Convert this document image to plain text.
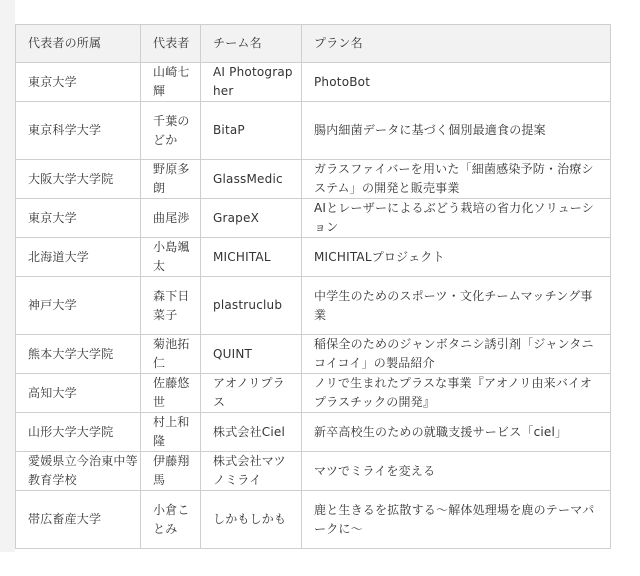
代表者の所属	代表者	チーム名	プラン名
東京大学	山崎七輝	AI Photographer	PhotoBot
東京科学大学	千葉のどか	BitaP	腸内細菌データに基づく個別最適食の提案
大阪大学大学院	野原多朗	GlassMedic	ガラスファイバーを用いた「細菌感染予防・治療システム」の開発と販売事業
東京大学	曲尾渉	GrapeX	AIとレーザーによるぶどう栽培の省力化ソリューション
北海道大学	小島颯太	MICHITAL	MICHITALプロジェクト
神戸大学	森下日菜子	plastruclub	中学生のためのスポーツ・文化チームマッチング事業
熊本大学大学院	菊池拓仁	QUINT	稲保全のためのジャンボタニシ誘引剤「ジャンタニコイコイ」の製品紹介
高知大学	佐藤悠世	アオノリプラス	ノリで生まれたプラスな事業『アオノリ由来バイオプラスチックの開発』
山形大学大学院	村上和隆	株式会社Ciel	新卒高校生のための就職支援サービス「ciel」
愛媛県立今治東中等教育学校	伊藤翔馬	株式会社マツノミライ	マツでミライを変える
帯広畜産大学	小倉ことみ	しかもしかも	鹿と生きるを拡散する〜解体処理場を鹿のテーマパークに〜
